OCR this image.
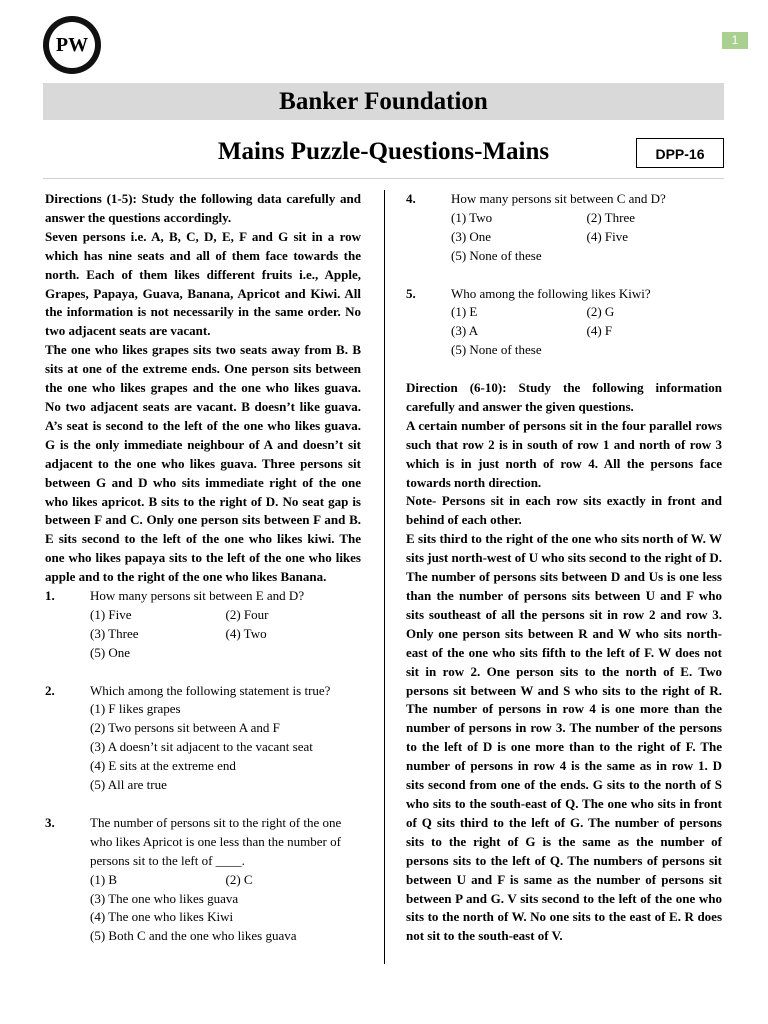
PW	1
Banker Foundation
Mains Puzzle-Questions-Mains	DPP-16

Directions (1-5): Study the following data carefully and answer the questions accordingly.

Seven persons i.e. A, B, C, D, E, F and G sit in a row which has nine seats and all of them face towards the north. Each of them likes different fruits i.e., Apple, Grapes, Papaya, Guava, Banana, Apricot and Kiwi. All the information is not necessarily in the same order. No two adjacent seats are vacant.

The one who likes grapes sits two seats away from B. B sits at one of the extreme ends. One person sits between the one who likes grapes and the one who likes guava. No two adjacent seats are vacant. B doesn’t like guava. A’s seat is second to the left of the one who likes guava. G is the only immediate neighbour of A and doesn’t sit adjacent to the one who likes guava. Three persons sit between G and D who sits immediate right of the one who likes apricot. B sits to the right of D. No seat gap is between F and C. Only one person sits between F and B. E sits second to the left of the one who likes kiwi. The one who likes papaya sits to the left of the one who likes apple and to the right of the one who likes Banana.

1.	How many persons sit between E and D?
(1) Five	(2) Four
(3) Three	(4) Two
(5) One
2.	Which among the following statement is true?
(1) F likes grapes
(2) Two persons sit between A and F
(3) A doesn’t sit adjacent to the vacant seat
(4) E sits at the extreme end
(5) All are true
3.	The number of persons sit to the right of the one who likes Apricot is one less than the number of persons sit to the left of ____.
(1) B	(2) C
(3) The one who likes guava
(4) The one who likes Kiwi
(5) Both C and the one who likes guava
4.	How many persons sit between C and D?
(1) Two	(2) Three
(3) One	(4) Five
(5) None of these
5.	Who among the following likes Kiwi?
(1) E	(2) G
(3) A	(4) F
(5) None of these

Direction (6-10): Study the following information carefully and answer the given questions.

A certain number of persons sit in the four parallel rows such that row 2 is in south of row 1 and north of row 3 which is in just north of row 4. All the persons face towards north direction.

Note- Persons sit in each row sits exactly in front and behind of each other.

E sits third to the right of the one who sits north of W. W sits just north-west of U who sits second to the right of D. The number of persons sits between D and Us is one less than the number of persons sits between U and F who sits southeast of all the persons sit in row 2 and row 3. Only one person sits between R and W who sits north-east of the one who sits fifth to the left of F. W does not sit in row 2. One person sits to the north of E. Two persons sit between W and S who sits to the right of R. The number of persons in row 4 is one more than the number of persons in row 3. The number of the persons to the left of D is one more than to the right of F. The number of persons in row 4 is the same as in row 1. D sits second from one of the ends. G sits to the north of S who sits to the south-east of Q. The one who sits in front of Q sits third to the left of G. The number of persons sits to the right of G is the same as the number of persons sits to the left of Q. The numbers of persons sit between U and F is same as the number of persons sit between P and G. V sits second to the left of the one who sits to the north of W. No one sits to the east of E. R does not sit to the south-east of V.
